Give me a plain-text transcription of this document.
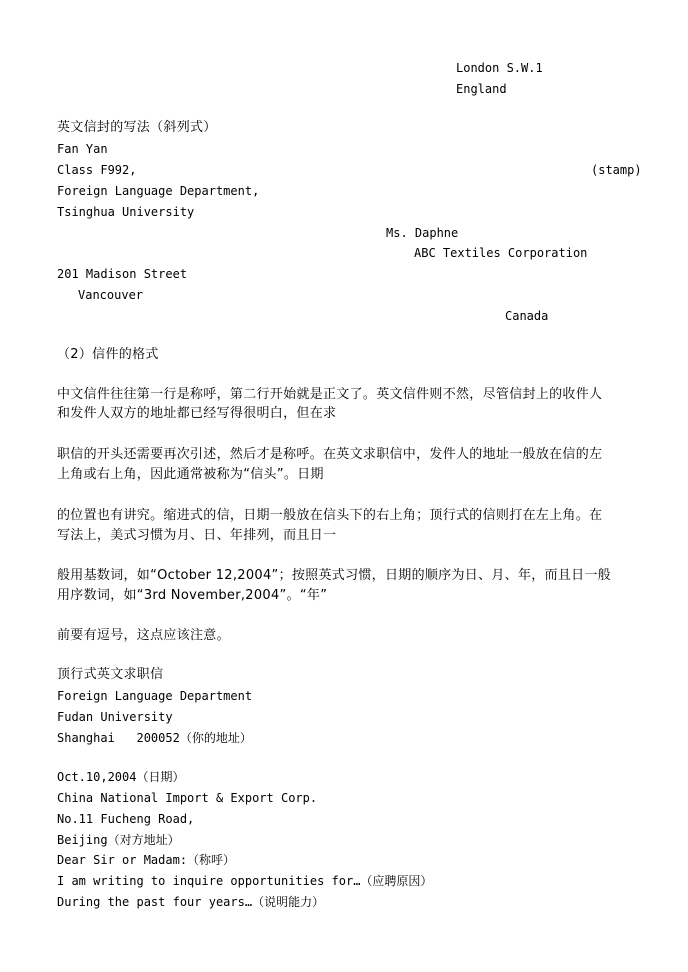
London S.W.1
England
英文信封的写法（斜列式）
Fan Yan
Class F992,	(stamp)
Foreign Language Department,
Tsinghua University
Ms. Daphne
ABC Textiles Corporation
201 Madison Street
Vancouver
Canada
（2）信件的格式
中文信件往往第一行是称呼，第二行开始就是正文了。英文信件则不然，尽管信封上的收件人
和发件人双方的地址都已经写得很明白，但在求
职信的开头还需要再次引述，然后才是称呼。在英文求职信中，发件人的地址一般放在信的左
上角或右上角，因此通常被称为“信头”。日期
的位置也有讲究。缩进式的信，日期一般放在信头下的右上角；顶行式的信则打在左上角。在
写法上，美式习惯为月、日、年排列，而且日一
般用基数词，如“October 12,2004”；按照英式习惯，日期的顺序为日、月、年，而且日一般
用序数词，如“3rd November,2004”。“年”
前要有逗号，这点应该注意。
顶行式英文求职信
Foreign Language Department
Fudan University
Shanghai   200052（你的地址）
Oct.10,2004（日期）
China National Import & Export Corp.
No.11 Fucheng Road,
Beijing（对方地址）
Dear Sir or Madam:（称呼）
I am writing to inquire opportunities for…（应聘原因）
During the past four years…（说明能力）
